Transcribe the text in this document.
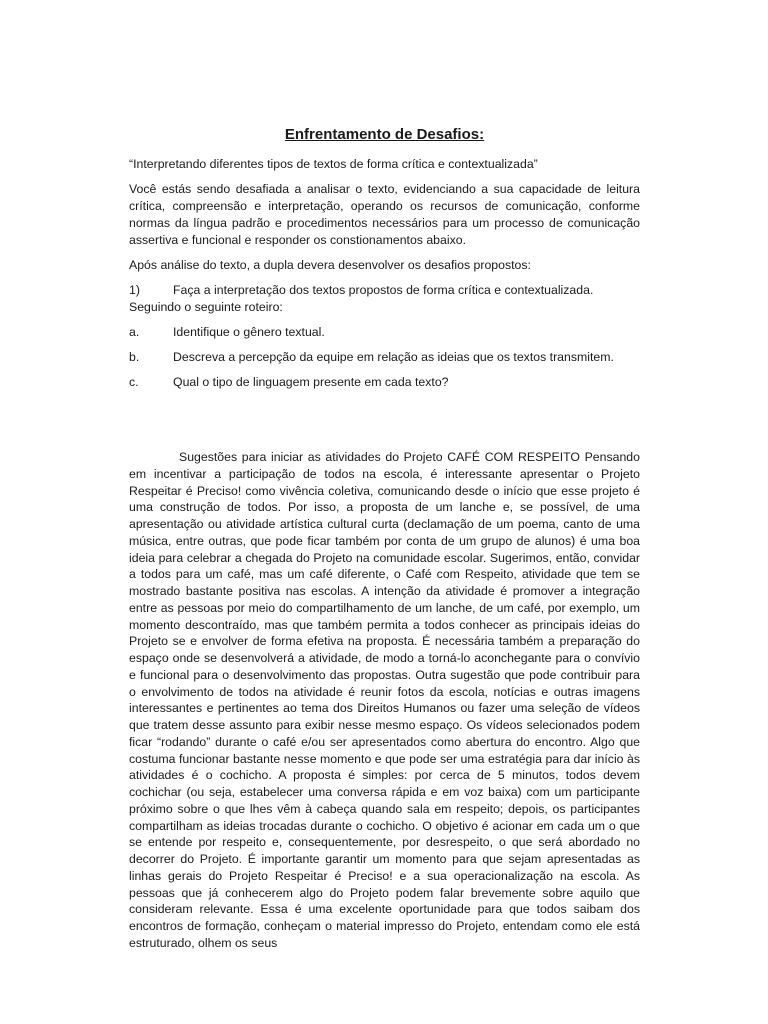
Enfrentamento de Desafios:

“Interpretando diferentes tipos de textos de forma crítica e contextualizada”

Você estás sendo desafiada a analisar o texto, evidenciando a sua capacidade de leitura crítica, compreensão e interpretação, operando os recursos de comunicação, conforme normas da língua padrão e procedimentos necessários para um processo de comunicação assertiva e funcional e responder os constionamentos abaixo.

Após análise do texto, a dupla devera desenvolver os desafios propostos:

1)	Faça a interpretação dos textos propostos de forma crítica e contextualizada. Seguindo o seguinte roteiro:
a.	Identifique o gênero textual.
b.	Descreva a percepção da equipe em relação as ideias que os textos transmitem.
c.	Qual o tipo de linguagem presente em cada texto?

Sugestões para iniciar as atividades do Projeto CAFÉ COM RESPEITO Pensando em incentivar a participação de todos na escola, é interessante apresentar o Projeto Respeitar é Preciso! como vivência coletiva, comunicando desde o início que esse projeto é uma construção de todos. Por isso, a proposta de um lanche e, se possível, de uma apresentação ou atividade artística cultural curta (declamação de um poema, canto de uma música, entre outras, que pode ficar também por conta de um grupo de alunos) é uma boa ideia para celebrar a chegada do Projeto na comunidade escolar. Sugerimos, então, convidar a todos para um café, mas um café diferente, o Café com Respeito, atividade que tem se mostrado bastante positiva nas escolas. A intenção da atividade é promover a integração entre as pessoas por meio do compartilhamento de um lanche, de um café, por exemplo, um momento descontraído, mas que também permita a todos conhecer as principais ideias do Projeto se e envolver de forma efetiva na proposta. É necessária também a preparação do espaço onde se desenvolverá a atividade, de modo a torná-lo aconchegante para o convívio e funcional para o desenvolvimento das propostas. Outra sugestão que pode contribuir para o envolvimento de todos na atividade é reunir fotos da escola, notícias e outras imagens interessantes e pertinentes ao tema dos Direitos Humanos ou fazer uma seleção de vídeos que tratem desse assunto para exibir nesse mesmo espaço. Os vídeos selecionados podem ficar “rodando” durante o café e/ou ser apresentados como abertura do encontro. Algo que costuma funcionar bastante nesse momento e que pode ser uma estratégia para dar início às atividades é o cochicho. A proposta é simples: por cerca de 5 minutos, todos devem cochichar (ou seja, estabelecer uma conversa rápida e em voz baixa) com um participante próximo sobre o que lhes vêm à cabeça quando sala em respeito; depois, os participantes compartilham as ideias trocadas durante o cochicho. O objetivo é acionar em cada um o que se entende por respeito e, consequentemente, por desrespeito, o que será abordado no decorrer do Projeto. É importante garantir um momento para que sejam apresentadas as linhas gerais do Projeto Respeitar é Preciso! e a sua operacionalização na escola. As pessoas que já conhecerem algo do Projeto podem falar brevemente sobre aquilo que consideram relevante. Essa é uma excelente oportunidade para que todos saibam dos encontros de formação, conheçam o material impresso do Projeto, entendam como ele está estruturado, olhem os seus
